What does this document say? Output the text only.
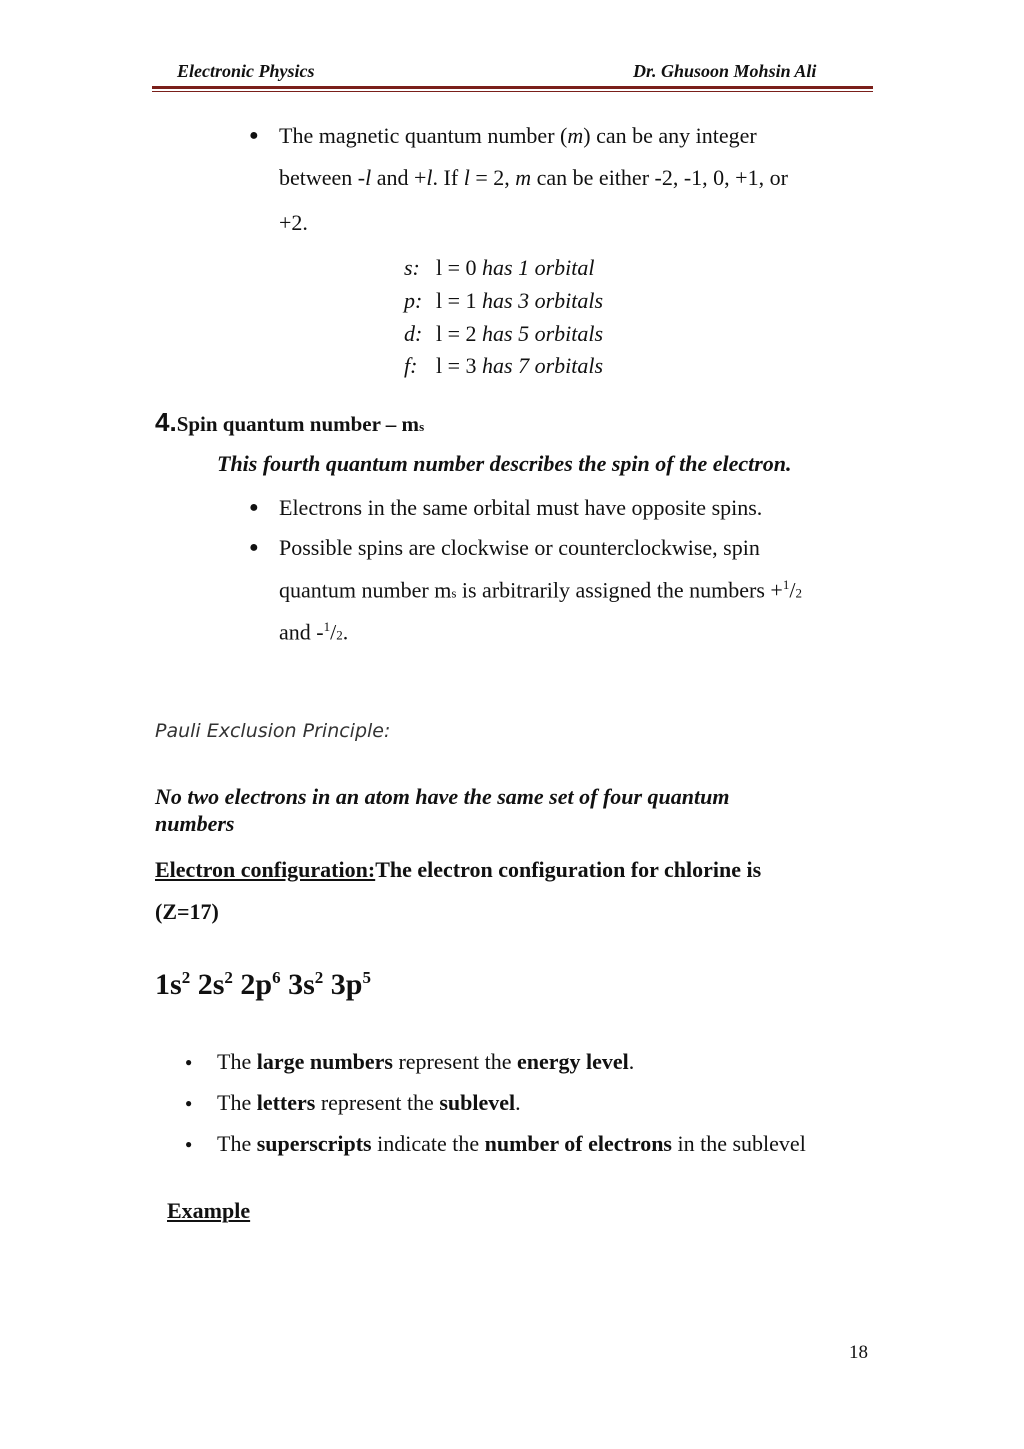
Electronic Physics	Dr. Ghusoon Mohsin Ali
● The magnetic quantum number (m) can be any integer
between -l and +l. If l = 2, m can be either -2, -1, 0, +1, or
+2.
s: l = 0 has 1 orbital
p: l = 1 has 3 orbitals
d: l = 2 has 5 orbitals
f: l = 3 has 7 orbitals
4.Spin quantum number – ms
This fourth quantum number describes the spin of the electron.
● Electrons in the same orbital must have opposite spins.
● Possible spins are clockwise or counterclockwise, spin
quantum number ms is arbitrarily assigned the numbers +$^1$/2
and -$^1$/2.
Pauli Exclusion Principle:
No two electrons in an atom have the same set of four quantum
numbers
Electron configuration:The electron configuration for chlorine is
(Z=17)
$1s^2$ $2s^2$ $2p^6$ $3s^2$ $3p^5$
● The large numbers represent the energy level.
● The letters represent the sublevel.
● The superscripts indicate the number of electrons in the sublevel
Example
18
